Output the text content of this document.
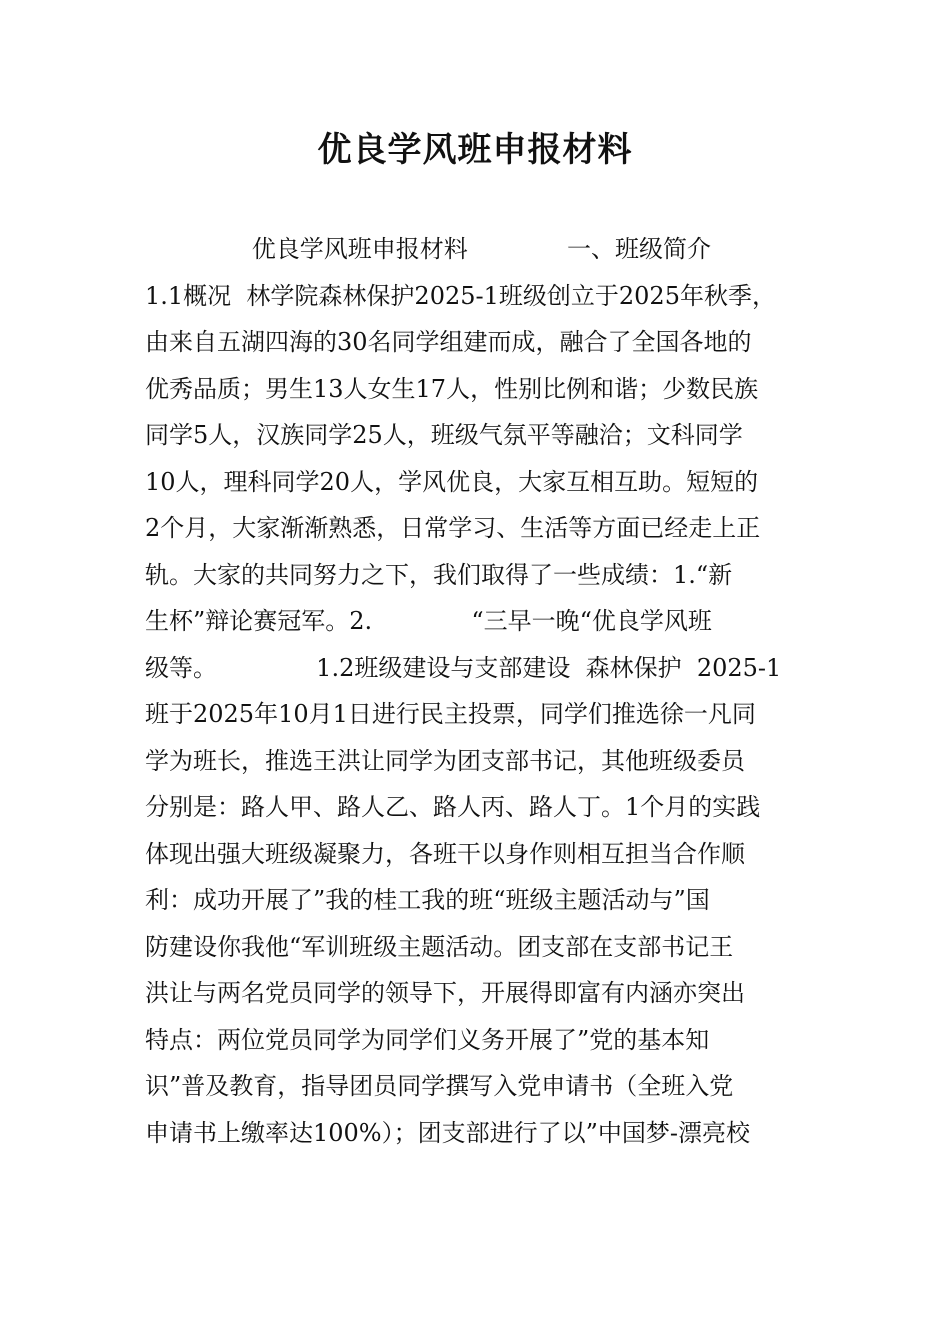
优良学风班申报材料
优良学风班申报材料             一、班级简介
1.1概况  林学院森林保护2025-1班级创立于2025年秋季，
由来自五湖四海的30名同学组建而成，融合了全国各地的
优秀品质；男生13人女生17人，性别比例和谐；少数民族
同学5人，汉族同学25人，班级气氛平等融洽；文科同学
10人，理科同学20人，学风优良，大家互相互助。短短的
2个月，大家渐渐熟悉，日常学习、生活等方面已经走上正
轨。大家的共同努力之下，我们取得了一些成绩：1.“新
生杯”辩论赛冠军。2.             “三早一晚“优良学风班
级等。             1.2班级建设与支部建设  森林保护  2025-1
班于2025年10月1日进行民主投票，同学们推选徐一凡同
学为班长，推选王洪让同学为团支部书记，其他班级委员
分别是：路人甲、路人乙、路人丙、路人丁。1个月的实践
体现出强大班级凝聚力，各班干以身作则相互担当合作顺
利：成功开展了”我的桂工我的班“班级主题活动与”国
防建设你我他“军训班级主题活动。团支部在支部书记王
洪让与两名党员同学的领导下，开展得即富有内涵亦突出
特点：两位党员同学为同学们义务开展了”党的基本知
识”普及教育，指导团员同学撰写入党申请书（全班入党
申请书上缴率达100%）；团支部进行了以”中国梦-漂亮校
